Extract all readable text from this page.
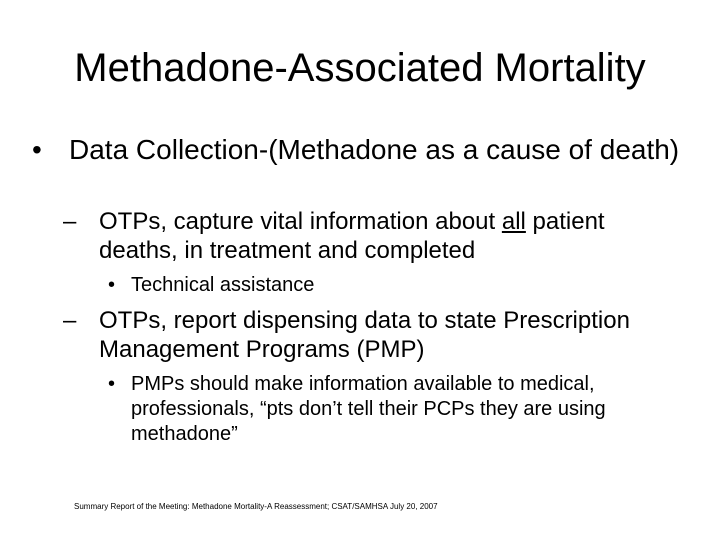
Methadone-Associated Mortality

• Data Collection-(Methadone as a cause of death)

– OTPs, capture vital information about all patient deaths, in treatment and completed

• Technical assistance

– OTPs, report dispensing data to state Prescription Management Programs (PMP)

• PMPs should make information available to medical, professionals, “pts don’t tell their PCPs they are using methadone”

Summary Report of the Meeting: Methadone Mortality-A Reassessment; CSAT/SAMHSA July 20, 2007
